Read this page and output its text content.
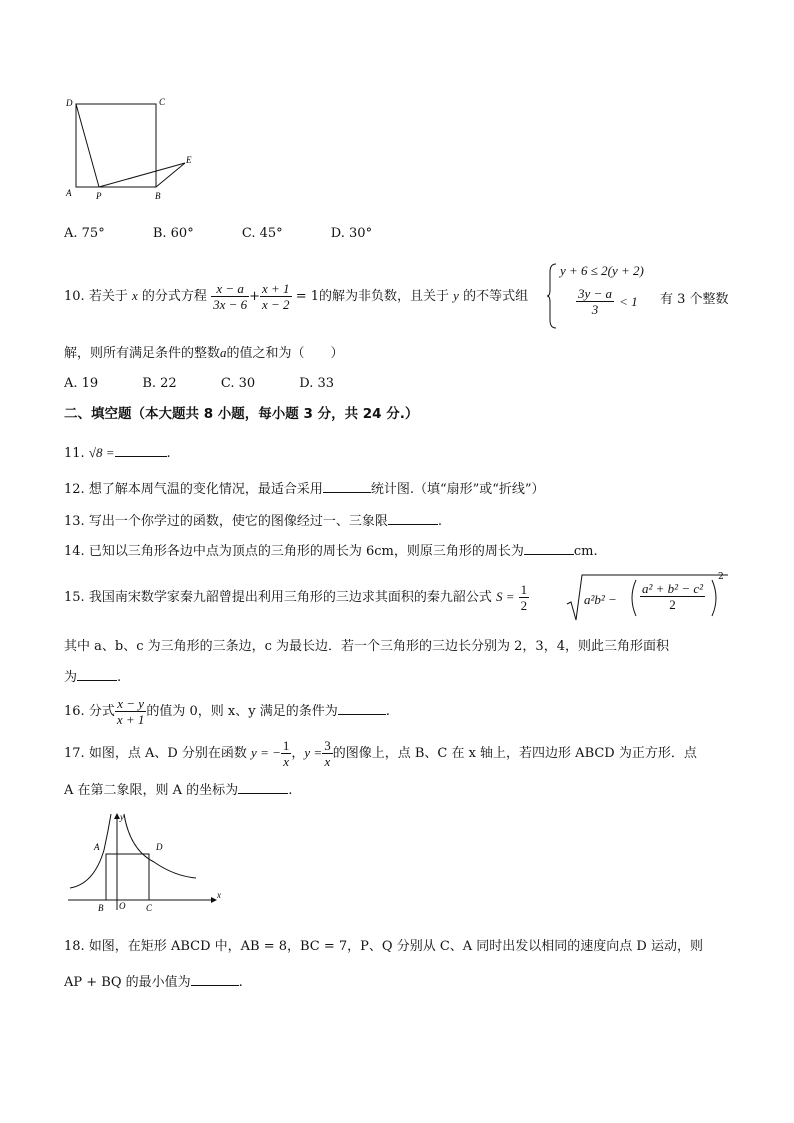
D	C
A	P	B
E
A. 75°	B. 60°	C. 45°	D. 30°
10. 若关于 x 的分式方程 $\frac{x - a}{3x - 6} + \frac{x + 1}{x - 2} = 1$的解为非负数，且关于 y 的不等式组
y + 6 ≤ 2(y + 2)
$\frac{3y - a}{3} < 1$ 有 3 个整数
解，则所有满足条件的整数a的值之和为（　　）
A. 19	B. 22	C. 30	D. 33
二、填空题（本大题共 8 小题，每小题 3 分，共 24 分.）
11. √8 =	.
12. 想了解本周气温的变化情况，最适合采用	统计图.（填“扇形”或“折线”）
13. 写出一个你学过的函数，使它的图像经过一、三象限	.
14. 已知以三角形各边中点为顶点的三角形的周长为 6cm，则原三角形的周长为	cm.
15. 我国南宋数学家秦九韶曾提出利用三角形的三边求其面积的秦九韶公式 $S = \frac{1}{2}$	$a^2b^2 - \frac{\text{a² + b² − c²}}{2}$
2
其中 a、b、c 为三角形的三条边，c 为最长边．若一个三角形的三边长分别为 2，3，4，则此三角形面积
为	.
16. 分式 $\frac{x - y}{x + 1}$ 的值为 0，则 x、y 满足的条件为	.
17. 如图，点 A、D 分别在函数 y = − $\frac{1}{x}$ ，$y = \frac{3}{x}$ 的图像上，点 B、C 在 x 轴上，若四边形 ABCD 为正方形．点
A 在第二象限，则 A 的坐标为	.
y
x
A	D
B O C
18. 如图，在矩形 ABCD 中，AB = 8，BC = 7，P、Q 分别从 C、A 同时出发以相同的速度向点 D 运动，则
AP + BQ 的最小值为	.
